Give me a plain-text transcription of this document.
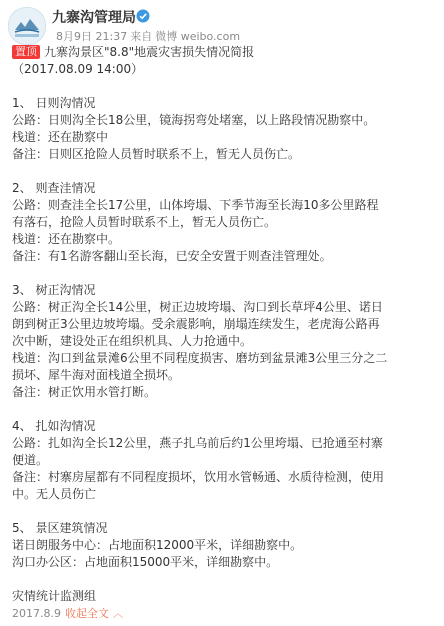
九寨沟管理局
8月9日 21:37 来自 微博 weibo.com
置顶 九寨沟景区"8.8"地震灾害损失情况简报
（2017.08.09 14:00）
1、 日则沟情况
公路：日则沟全长18公里，镜海拐弯处堵塞，以上路段情况勘察中。
栈道：还在勘察中
备注：日则区抢险人员暂时联系不上，暂无人员伤亡。
2、 则查洼情况
公路：则查洼全长17公里，山体垮塌、下季节海至长海10多公里路程
有落石，抢险人员暂时联系不上，暂无人员伤亡。
栈道：还在勘察中。
备注：有1名游客翻山至长海，已安全安置于则查洼管理处。
3、 树正沟情况
公路：树正沟全长14公里，树正边坡垮塌、沟口到长草坪4公里、诺日
朗到树正3公里边坡垮塌。受余震影响，崩塌连续发生，老虎海公路再
次中断，建设处正在组织机具、人力抢通中。
栈道：沟口到盆景滩6公里不同程度损害、磨坊到盆景滩3公里三分之二
损坏、犀牛海对面栈道全损坏。
备注：树正饮用水管打断。
4、 扎如沟情况
公路：扎如沟全长12公里，燕子扎乌前后约1公里垮塌、已抢通至村寨
便道。
备注：村寨房屋都有不同程度损坏，饮用水管畅通、水质待检测，使用
中。无人员伤亡
5、 景区建筑情况
诺日朗服务中心：占地面积12000平米，详细勘察中。
沟口办公区：占地面积15000平米，详细勘察中。
灾情统计监测组
2017.8.9 收起全文 ︿
